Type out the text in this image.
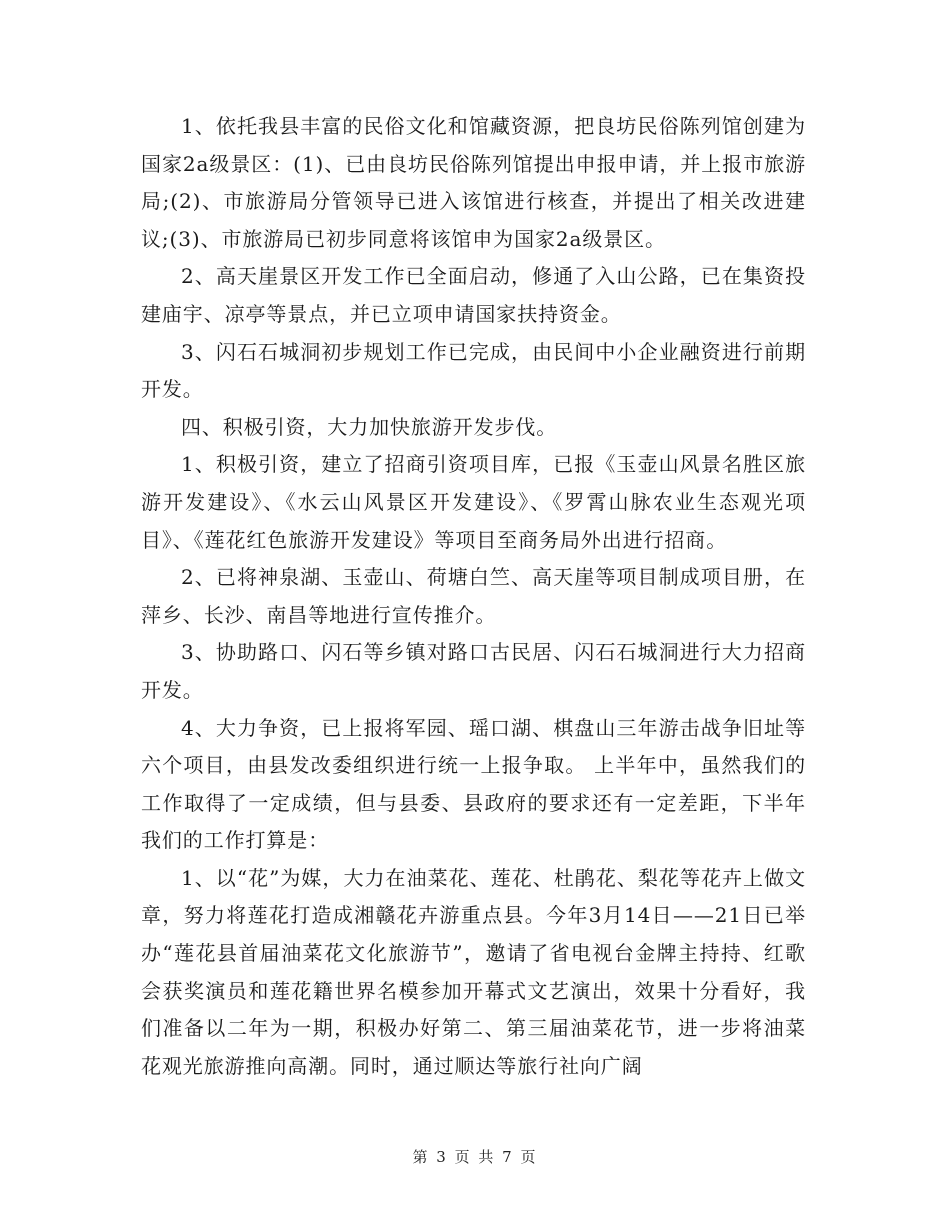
1、依托我县丰富的民俗文化和馆藏资源，把良坊民俗陈列馆创建为国家2a级景区：(1)、已由良坊民俗陈列馆提出申报申请，并上报市旅游局;(2)、市旅游局分管领导已进入该馆进行核查，并提出了相关改进建议;(3)、市旅游局已初步同意将该馆申为国家2a级景区。

2、高天崖景区开发工作已全面启动，修通了入山公路，已在集资投建庙宇、凉亭等景点，并已立项申请国家扶持资金。

3、闪石石城洞初步规划工作已完成，由民间中小企业融资进行前期开发。

四、积极引资，大力加快旅游开发步伐。

1、积极引资，建立了招商引资项目库，已报《玉壶山风景名胜区旅游开发建设》、《水云山风景区开发建设》、《罗霄山脉农业生态观光项目》、《莲花红色旅游开发建设》等项目至商务局外出进行招商。

2、已将神泉湖、玉壶山、荷塘白竺、高天崖等项目制成项目册，在萍乡、长沙、南昌等地进行宣传推介。

3、协助路口、闪石等乡镇对路口古民居、闪石石城洞进行大力招商开发。

4、大力争资，已上报将军园、瑶口湖、棋盘山三年游击战争旧址等六个项目，由县发改委组织进行统一上报争取。 上半年中，虽然我们的工作取得了一定成绩，但与县委、县政府的要求还有一定差距，下半年我们的工作打算是：

1、以“花”为媒，大力在油菜花、莲花、杜鹃花、梨花等花卉上做文章，努力将莲花打造成湘赣花卉游重点县。今年3月14日——21日已举办“莲花县首届油菜花文化旅游节”，邀请了省电视台金牌主持持、红歌会获奖演员和莲花籍世界名模参加开幕式文艺演出，效果十分看好，我们准备以二年为一期，积极办好第二、第三届油菜花节，进一步将油菜花观光旅游推向高潮。同时，通过顺达等旅行社向广阔

第 3 页 共 7 页
